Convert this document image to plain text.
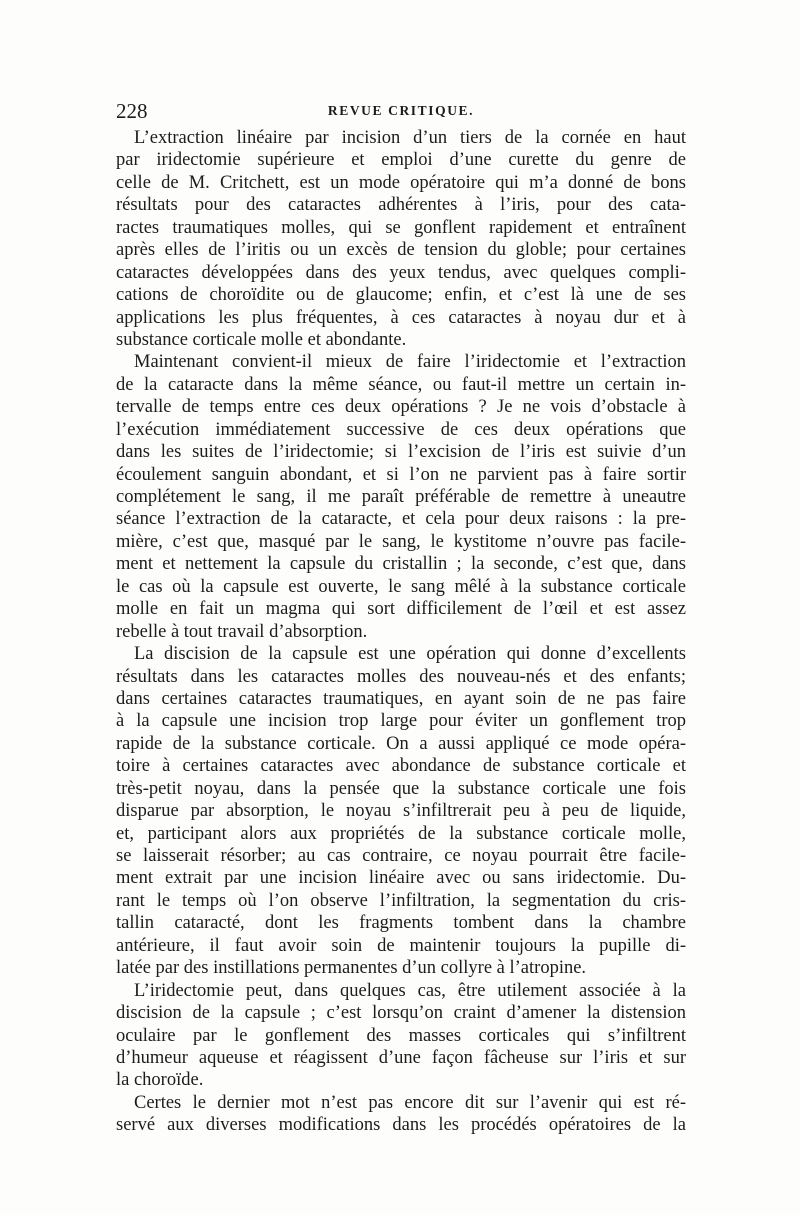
228	REVUE CRITIQUE.
L’extraction linéaire par incision d’un tiers de la cornée en haut
par iridectomie supérieure et emploi d’une curette du genre de
celle de M. Critchett, est un mode opératoire qui m’a donné de bons
résultats pour des cataractes adhérentes à l’iris, pour des cata-
ractes traumatiques molles, qui se gonflent rapidement et entraînent
après elles de l’iritis ou un excès de tension du globle; pour certaines
cataractes développées dans des yeux tendus, avec quelques compli-
cations de choroïdite ou de glaucome; enfin, et c’est là une de ses
applications les plus fréquentes, à ces cataractes à noyau dur et à
substance corticale molle et abondante.
Maintenant convient-il mieux de faire l’iridectomie et l’extraction
de la cataracte dans la même séance, ou faut-il mettre un certain in-
tervalle de temps entre ces deux opérations ? Je ne vois d’obstacle à
l’exécution immédiatement successive de ces deux opérations que
dans les suites de l’iridectomie; si l’excision de l’iris est suivie d’un
écoulement sanguin abondant, et si l’on ne parvient pas à faire sortir
complétement le sang, il me paraît préférable de remettre à uneautre
séance l’extraction de la cataracte, et cela pour deux raisons : la pre-
mière, c’est que, masqué par le sang, le kystitome n’ouvre pas facile-
ment et nettement la capsule du cristallin ; la seconde, c’est que, dans
le cas où la capsule est ouverte, le sang mêlé à la substance corticale
molle en fait un magma qui sort difficilement de l’œil et est assez
rebelle à tout travail d’absorption.
La discision de la capsule est une opération qui donne d’excellents
résultats dans les cataractes molles des nouveau-nés et des enfants;
dans certaines cataractes traumatiques, en ayant soin de ne pas faire
à la capsule une incision trop large pour éviter un gonflement trop
rapide de la substance corticale. On a aussi appliqué ce mode opéra-
toire à certaines cataractes avec abondance de substance corticale et
très-petit noyau, dans la pensée que la substance corticale une fois
disparue par absorption, le noyau s’infiltrerait peu à peu de liquide,
et, participant alors aux propriétés de la substance corticale molle,
se laisserait résorber; au cas contraire, ce noyau pourrait être facile-
ment extrait par une incision linéaire avec ou sans iridectomie. Du-
rant le temps où l’on observe l’infiltration, la segmentation du cris-
tallin cataracté, dont les fragments tombent dans la chambre
antérieure, il faut avoir soin de maintenir toujours la pupille di-
latée par des instillations permanentes d’un collyre à l’atropine.
L’iridectomie peut, dans quelques cas, être utilement associée à la
discision de la capsule ; c’est lorsqu’on craint d’amener la distension
oculaire par le gonflement des masses corticales qui s’infiltrent
d’humeur aqueuse et réagissent d’une façon fâcheuse sur l’iris et sur
la choroïde.
Certes le dernier mot n’est pas encore dit sur l’avenir qui est ré-
servé aux diverses modifications dans les procédés opératoires de la
